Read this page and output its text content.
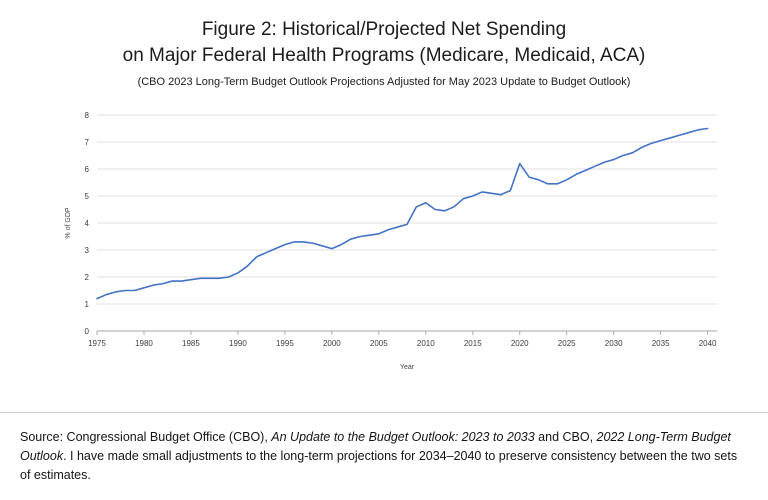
Figure 2: Historical/Projected Net Spending
on Major Federal Health Programs (Medicare, Medicaid, ACA)
(CBO 2023 Long-Term Budget Outlook Projections Adjusted for May 2023 Update to Budget Outlook)
0
1
2
3
4
5
6
7
8
1975	1980	1985	1990	1995	2000	2005	2010	2015	2020	2025	2030	2035	2040
% of GDP
Year
Source: Congressional Budget Office (CBO), An Update to the Budget Outlook: 2023 to 2033 and CBO, 2022 Long-Term Budget Outlook. I have made small adjustments to the long-term projections for 2034–2040 to preserve consistency between the two sets of estimates.
